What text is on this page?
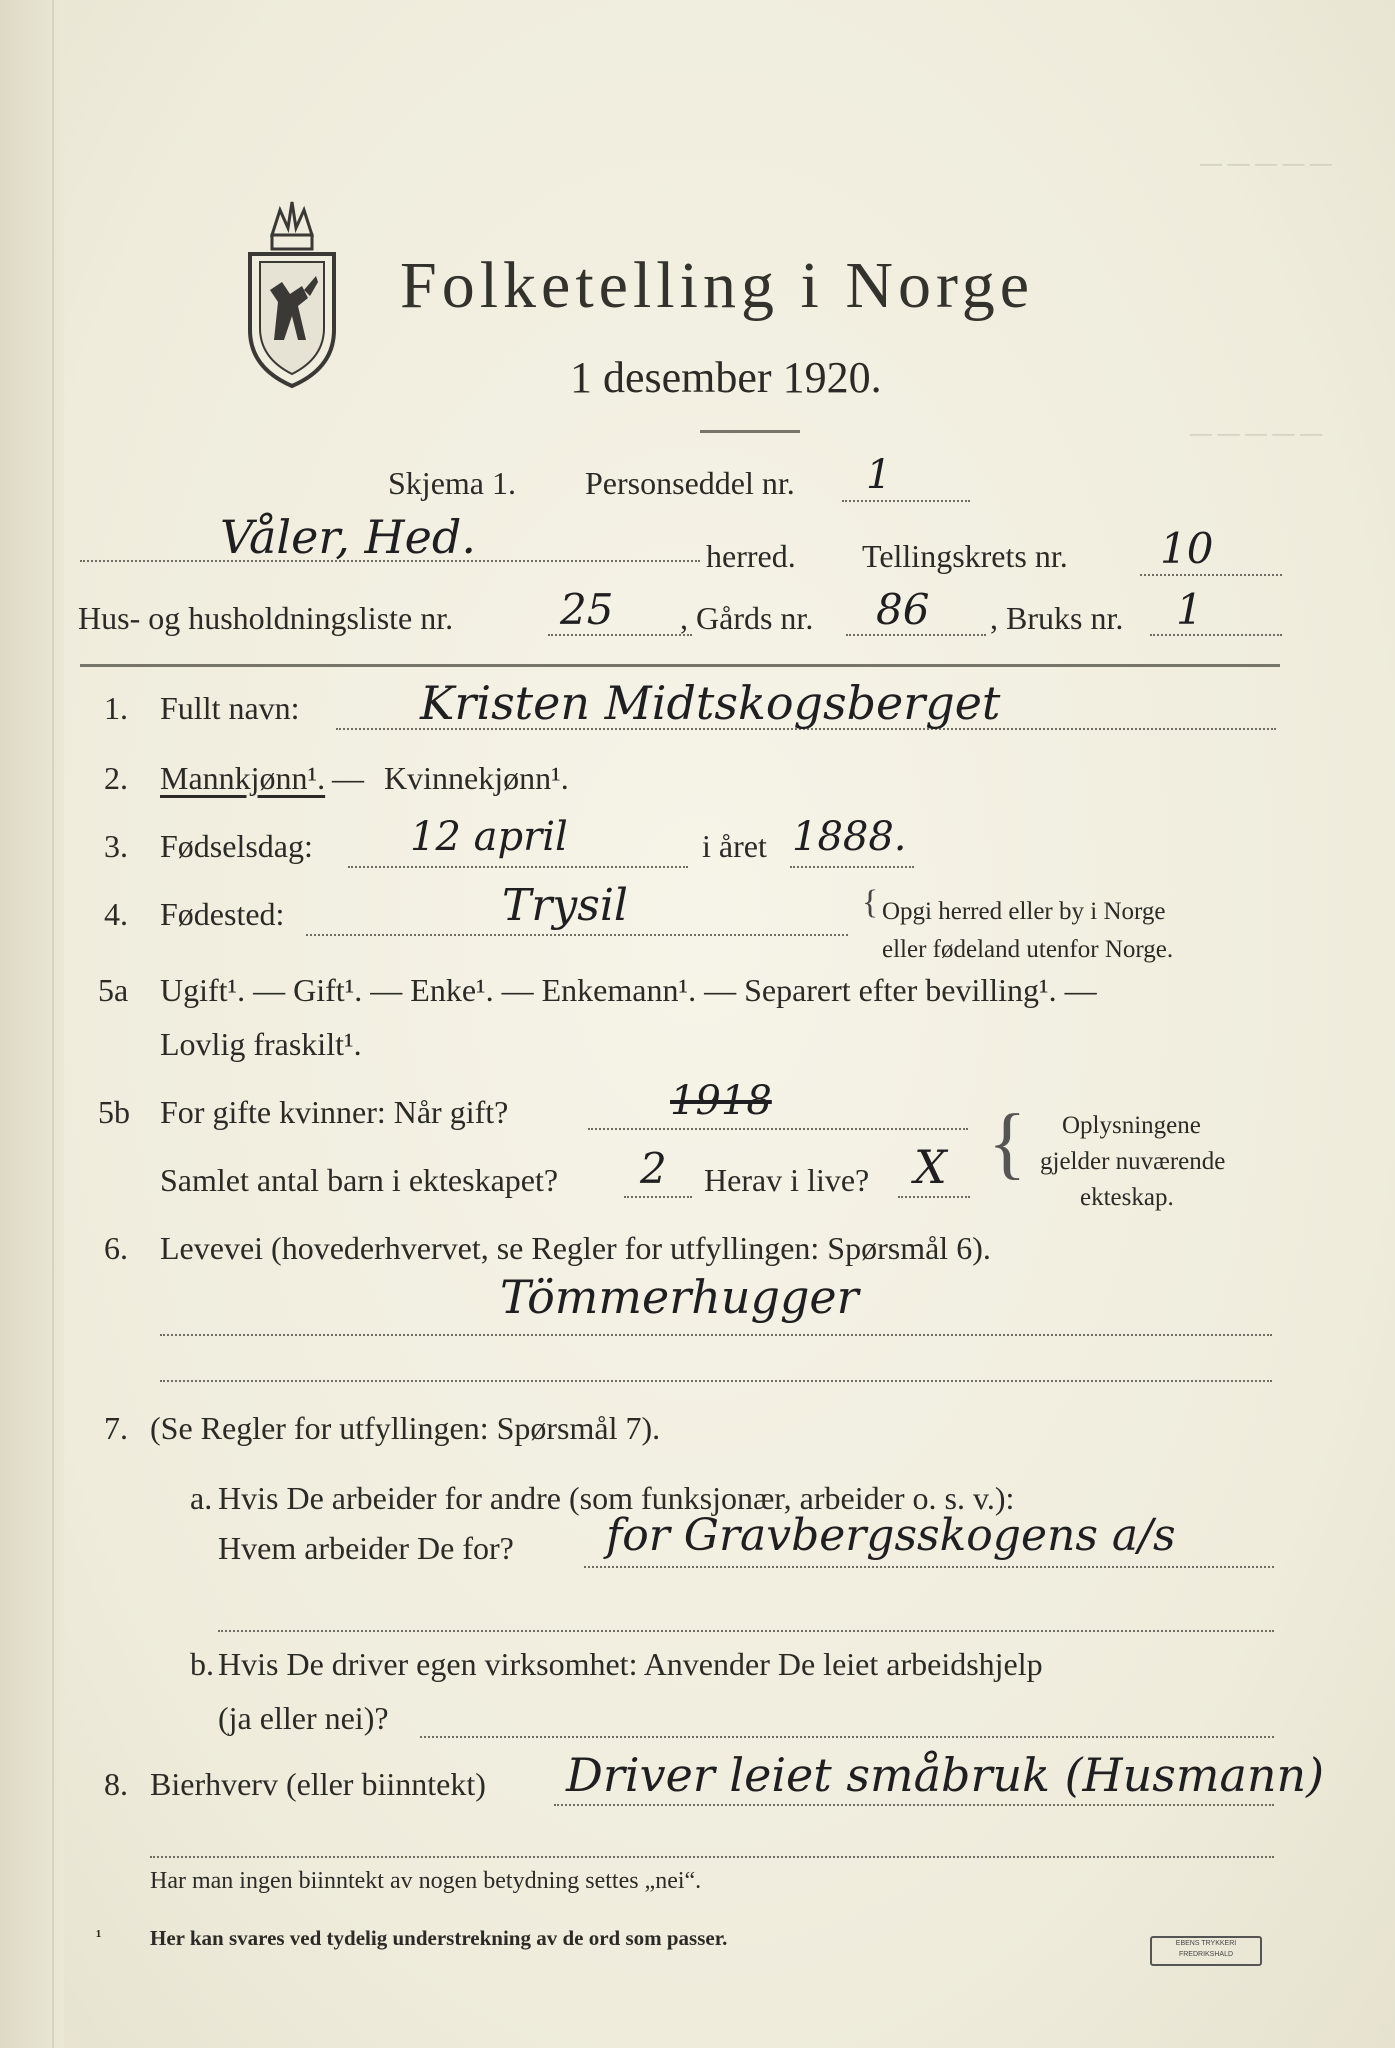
— — — — —
— — — — —
Folketelling i Norge
1 desember 1920.
Skjema 1. Personseddel nr. 1
Våler, Hed.	herred. Tellingskrets nr. 10
Hus- og husholdningsliste nr.	25 , Gårds nr. 86 , Bruks nr. 1
1. Fullt navn:	Kristen Midtskogsberget
2. Mannkjønn¹. — Kvinnekjønn¹.
3. Fødselsdag: 12 april	i året 1888.
4. Fødested:	Trysil	{ Opgi herred eller by i Norge
eller fødeland utenfor Norge.
5a Ugift¹. — Gift¹. — Enke¹. — Enkemann¹. — Separert efter bevilling¹. —
Lovlig fraskilt¹.
5b For gifte kvinner: Når gift?	1918
Samlet antal barn i ekteskapet? 2 Herav i live? X { Oplysningene
gjelder nuværende
ekteskap.
6. Levevei (hovederhvervet, se Regler for utfyllingen: Spørsmål 6).
Tömmerhugger
7. (Se Regler for utfyllingen: Spørsmål 7).
a. Hvis De arbeider for andre (som funksjonær, arbeider o. s. v.):
Hvem arbeider De for? for Gravbergsskogens a/s
b. Hvis De driver egen virksomhet: Anvender De leiet arbeidshjelp
(ja eller nei)?
8. Bierhverv (eller biinntekt) Driver leiet småbruk (Husmann)
Har man ingen biinntekt av nogen betydning settes „nei“.
¹ Her kan svares ved tydelig understrekning av de ord som passer.	EBENS TRYKKERI
FREDRIKSHALD
